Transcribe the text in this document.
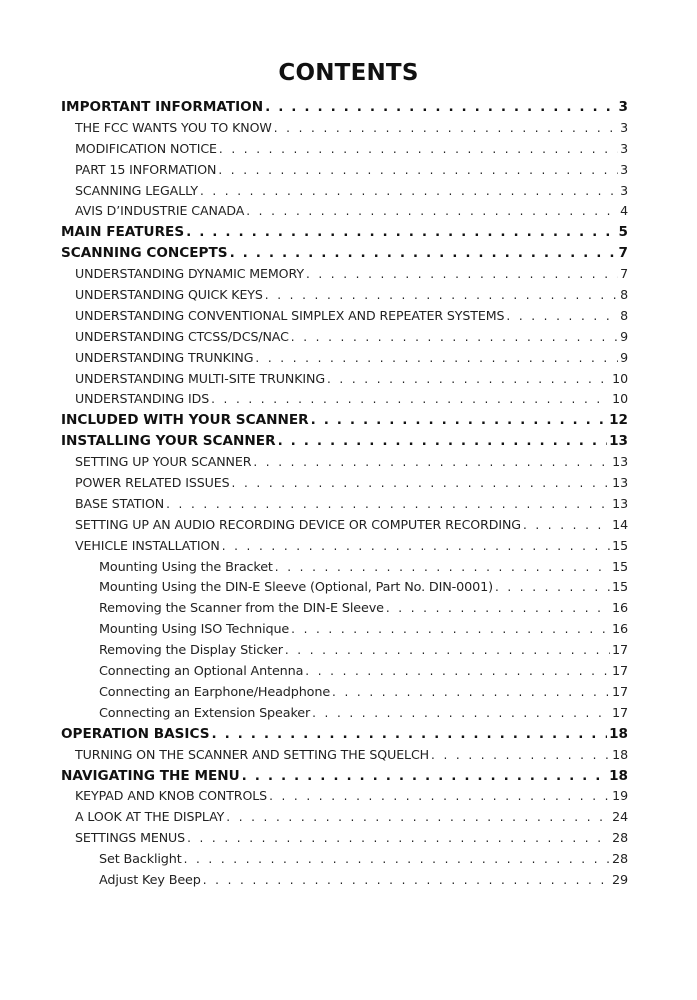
CONTENTS
IMPORTANT INFORMATION . . .	3
THE FCC WANTS YOU TO KNOW . . .	3
MODIFICATION NOTICE . . .	3
PART 15 INFORMATION . . .	3
SCANNING LEGALLY . . .	3
AVIS D’INDUSTRIE CANADA . . .	4
MAIN FEATURES . . .	5
SCANNING CONCEPTS . . .	7
UNDERSTANDING DYNAMIC MEMORY . . .	7
UNDERSTANDING QUICK KEYS . . .	8
UNDERSTANDING CONVENTIONAL SIMPLEX AND REPEATER SYSTEMS . . .	8
UNDERSTANDING CTCSS/DCS/NAC . . .	9
UNDERSTANDING TRUNKING . . .	9
UNDERSTANDING MULTI-SITE TRUNKING . . .	10
UNDERSTANDING IDS . . .	10
INCLUDED WITH YOUR SCANNER . . .	12
INSTALLING YOUR SCANNER . . .	13
SETTING UP YOUR SCANNER . . .	13
POWER RELATED ISSUES . . .	13
BASE STATION . . .	13
SETTING UP AN AUDIO RECORDING DEVICE OR COMPUTER RECORDING . . .	14
VEHICLE INSTALLATION . . .	15
Mounting Using the Bracket . . .	15
Mounting Using the DIN-E Sleeve (Optional, Part No. DIN-0001) . . .	15
Removing the Scanner from the DIN-E Sleeve . . .	16
Mounting Using ISO Technique . . .	16
Removing the Display Sticker . . .	17
Connecting an Optional Antenna . . .	17
Connecting an Earphone/Headphone . . .	17
Connecting an Extension Speaker . . .	17
OPERATION BASICS . . .	18
TURNING ON THE SCANNER AND SETTING THE SQUELCH . . .	18
NAVIGATING THE MENU . . .	18
KEYPAD AND KNOB CONTROLS . . .	19
A LOOK AT THE DISPLAY . . .	24
SETTINGS MENUS . . .	28
Set Backlight . . .	28
Adjust Key Beep . . .	29
